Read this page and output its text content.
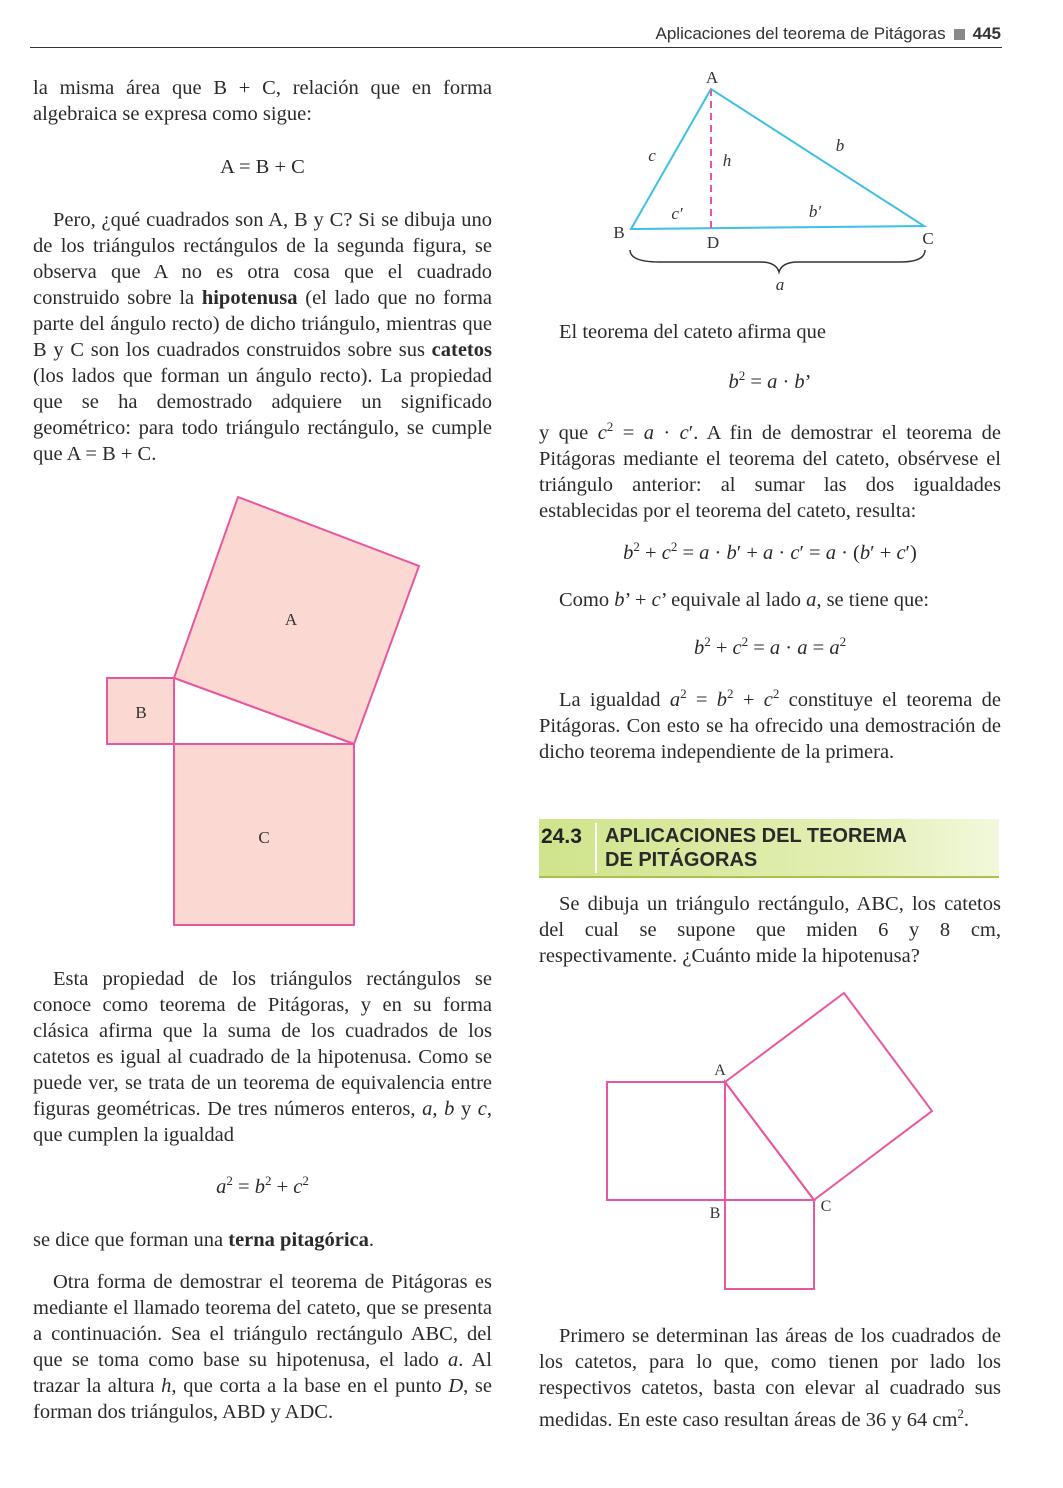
Aplicaciones del teorema de Pitágoras 445

la misma área que B + C, relación que en forma algebraica se expresa como sigue:

A = B + C

Pero, ¿qué cuadrados son A, B y C? Si se dibuja uno de los triángulos rectángulos de la segunda figura, se observa que A no es otra cosa que el cuadrado construido sobre la hipotenusa (el lado que no forma parte del ángulo recto) de dicho triángulo, mientras que B y C son los cuadrados construidos sobre sus catetos (los lados que forman un ángulo recto). La propiedad que se ha demostrado adquiere un significado geométrico: para todo triángulo rectángulo, se cumple que A = B + C.

A
B
C

Esta propiedad de los triángulos rectángulos se conoce como teorema de Pitágoras, y en su forma clásica afirma que la suma de los cuadrados de los catetos es igual al cuadrado de la hipotenusa. Como se puede ver, se trata de un teorema de equivalencia entre figuras geométricas. De tres números enteros, a, b y c, que cumplen la igualdad

$a^2 = b^2 + c^2$

se dice que forman una terna pitagórica.

Otra forma de demostrar el teorema de Pitágoras es mediante el llamado teorema del cateto, que se presenta a continuación. Sea el triángulo rectángulo ABC, del que se toma como base su hipotenusa, el lado a. Al trazar la altura h, que corta a la base en el punto D, se forman dos triángulos, ABD y ADC.

A
B	C
D
c
b
h
c′	b′
a

El teorema del cateto afirma que

$b^2 = a \cdot b$’

y que $c^2 = a \cdot c'$. A fin de demostrar el teorema de Pitágoras mediante el teorema del cateto, obsérvese el triángulo anterior: al sumar las dos igualdades establecidas por el teorema del cateto, resulta:

$b^2 + c^2 = a \cdot b' + a \cdot c' = a \cdot (b' + c')$

Como b’ + c’ equivale al lado a, se tiene que:

$b^2 + c^2 = a \cdot a = a^2$

La igualdad $a^2 = b^2 + c^2$ constituye el teorema de Pitágoras. Con esto se ha ofrecido una demostración de dicho teorema independiente de la primera.

24.3	APLICACIONES DEL TEOREMA
DE PITÁGORAS

Se dibuja un triángulo rectángulo, ABC, los catetos del cual se supone que miden 6 y 8 cm, respectivamente. ¿Cuánto mide la hipotenusa?

A
B	C

Primero se determinan las áreas de los cuadrados de los catetos, para lo que, como tienen por lado los respectivos catetos, basta con elevar al cuadrado sus medidas. En este caso resultan áreas de 36 y 64 $cm^2$.
